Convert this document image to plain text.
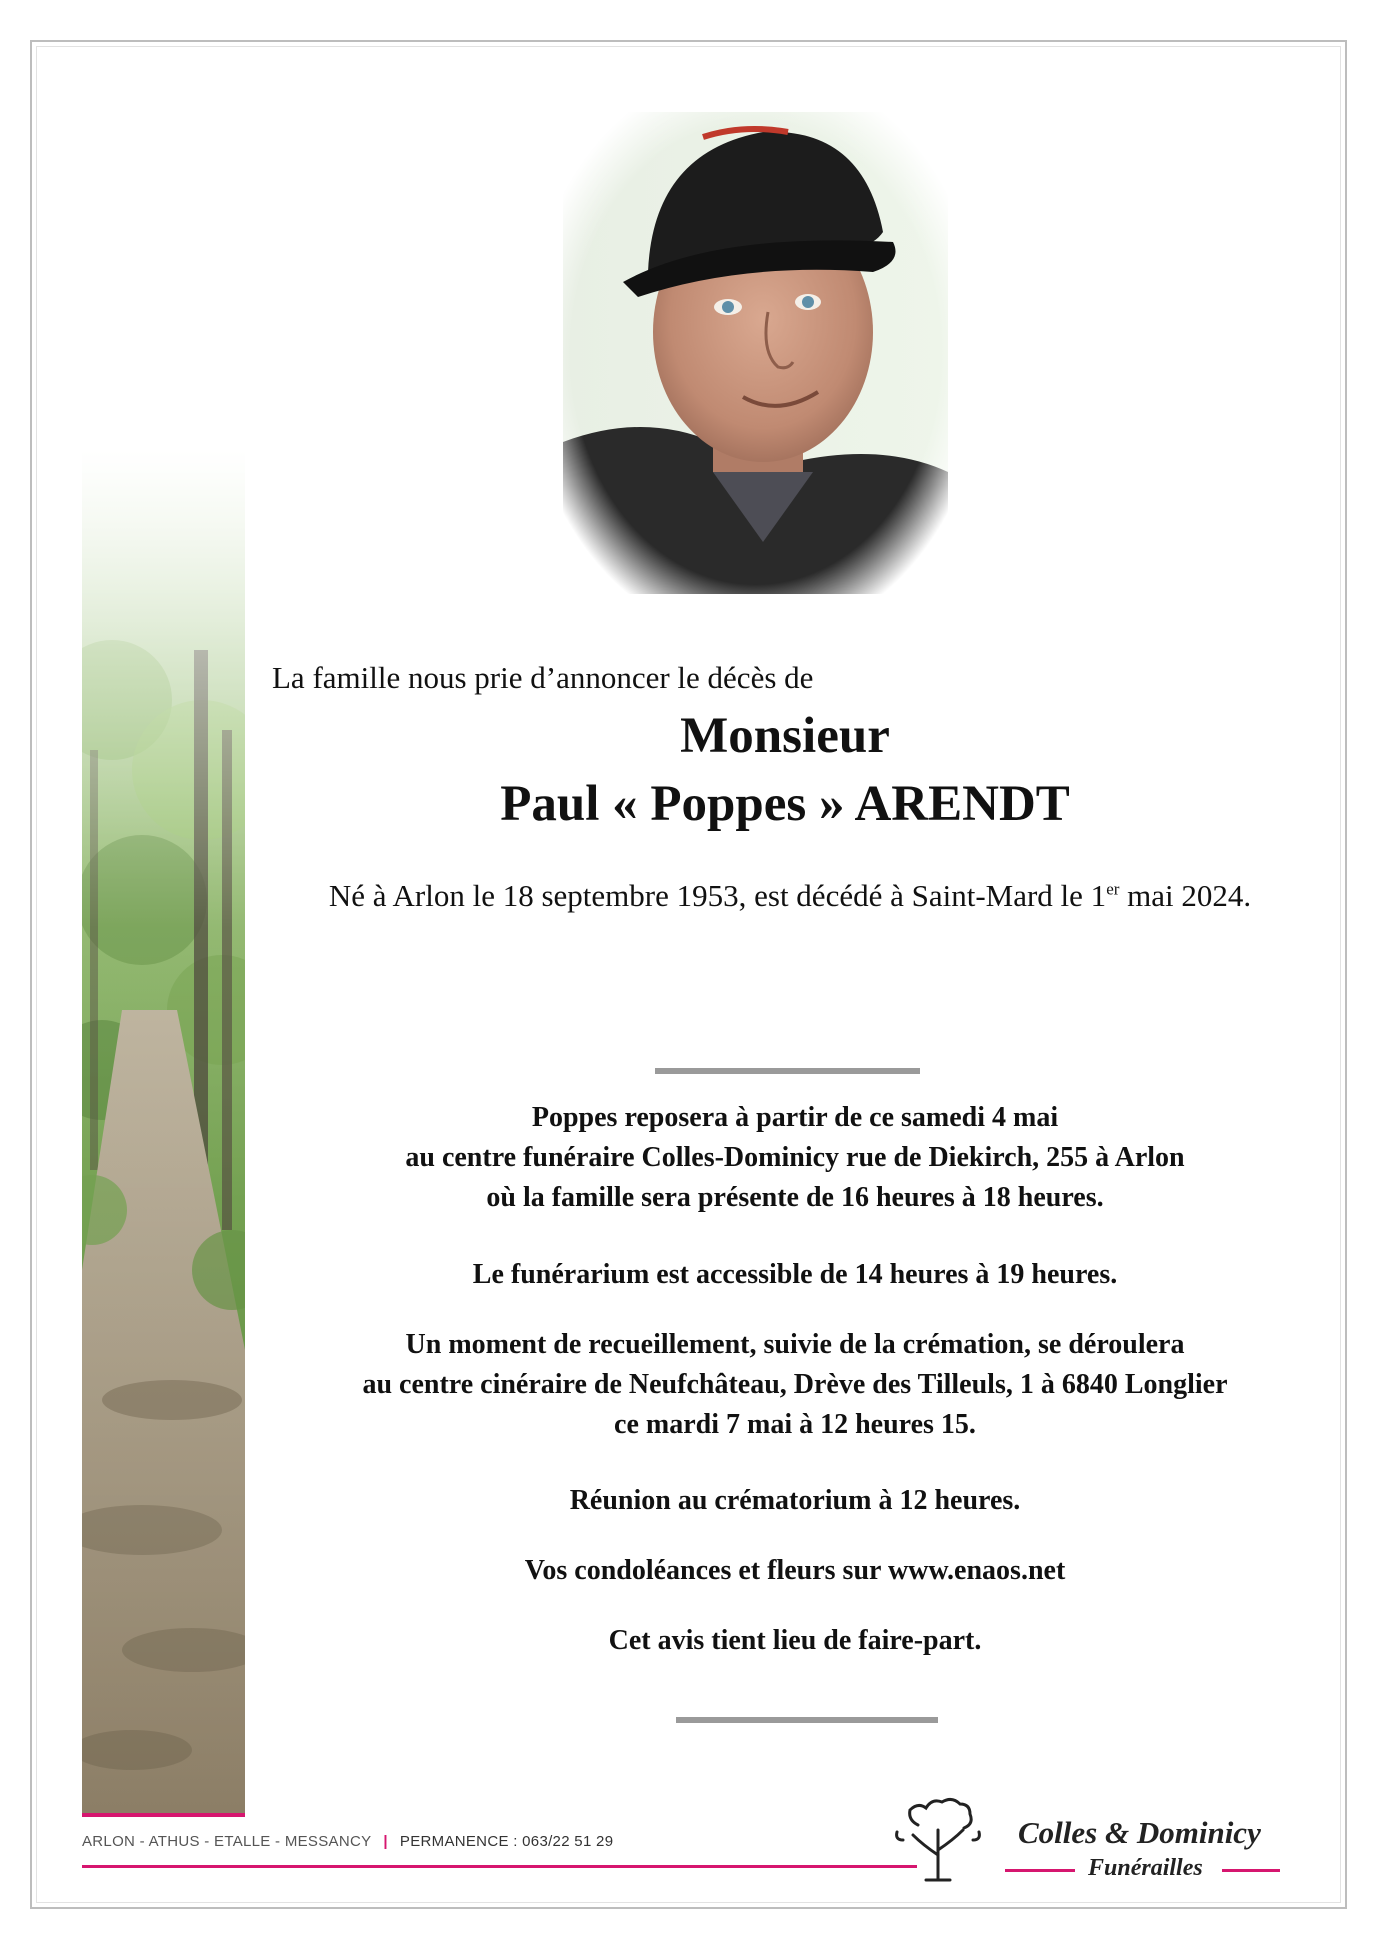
La famille nous prie d’annoncer le décès de

Monsieur

Paul « Poppes » ARENDT

Né à Arlon le 18 septembre 1953, est décédé à Saint-Mard le 1er mai 2024.

Poppes reposera à partir de ce samedi 4 mai

au centre funéraire Colles-Dominicy rue de Diekirch, 255 à Arlon

où la famille sera présente de 16 heures à 18 heures.

Le funérarium est accessible de 14 heures à 19 heures.

Un moment de recueillement, suivie de la crémation, se déroulera

au centre cinéraire de Neufchâteau, Drève des Tilleuls, 1 à 6840 Longlier

ce mardi 7 mai à 12 heures 15.

Réunion au crématorium à 12 heures.

Vos condoléances et fleurs sur www.enaos.net

Cet avis tient lieu de faire-part.

ARLON - ATHUS - ETALLE - MESSANCY | PERMANENCE : 063/22 51 29	Colles & Dominicy
Funérailles
